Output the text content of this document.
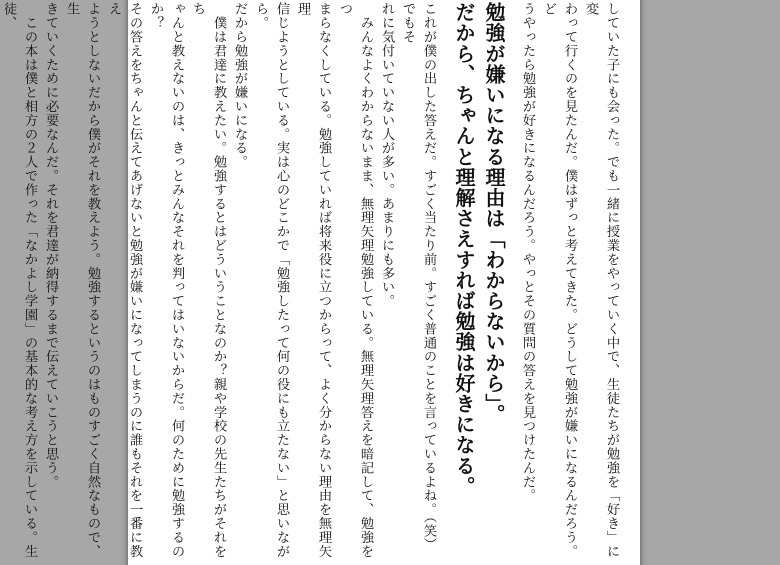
していた子にも会った。でも一緒に授業をやっていく中で、生徒たちが勉強を「好き」に変

わって行くのを見たんだ。僕はずっと考えてきた。どうして勉強が嫌いになるんだろう。ど

うやったら勉強が好きになるんだろう。やっとその質問の答えを見つけたんだ。

勉強が嫌いになる理由は「わからないから」。

だから、ちゃんと理解さえすれば勉強は好きになる。

これが僕の出した答えだ。すごく当たり前。すごく普通のことを言っているよね。（笑）でもそ

れに気付いていない人が多い。あまりにも多い。

　みんなよくわからないまま、無理矢理勉強している。無理矢理答えを暗記して、勉強をつ

まらなくしている。勉強していれば将来役に立つからって、よく分からない理由を無理矢理

信じようとしている。実は心のどこかで「勉強したって何の役にも立たない」と思いながら。

だから勉強が嫌いになる。

　僕は君達に教えたい。勉強するとはどういうことなのか？親や学校の先生たちがそれをち

ゃんと教えないのは、きっとみんなそれを判ってはいないからだ。何のために勉強するのか？

その答えをちゃんと伝えてあげないと勉強が嫌いになってしまうのに誰もそれを一番に教え

ようとしないだから僕がそれを教えよう。勉強するというのはものすごく自然なもので、生

きていくために必要なんだ。それを君達が納得するまで伝えていこうと思う。

　この本は僕と相方の２人で作った「なかよし学園」の基本的な考え方を示している。生徒、
